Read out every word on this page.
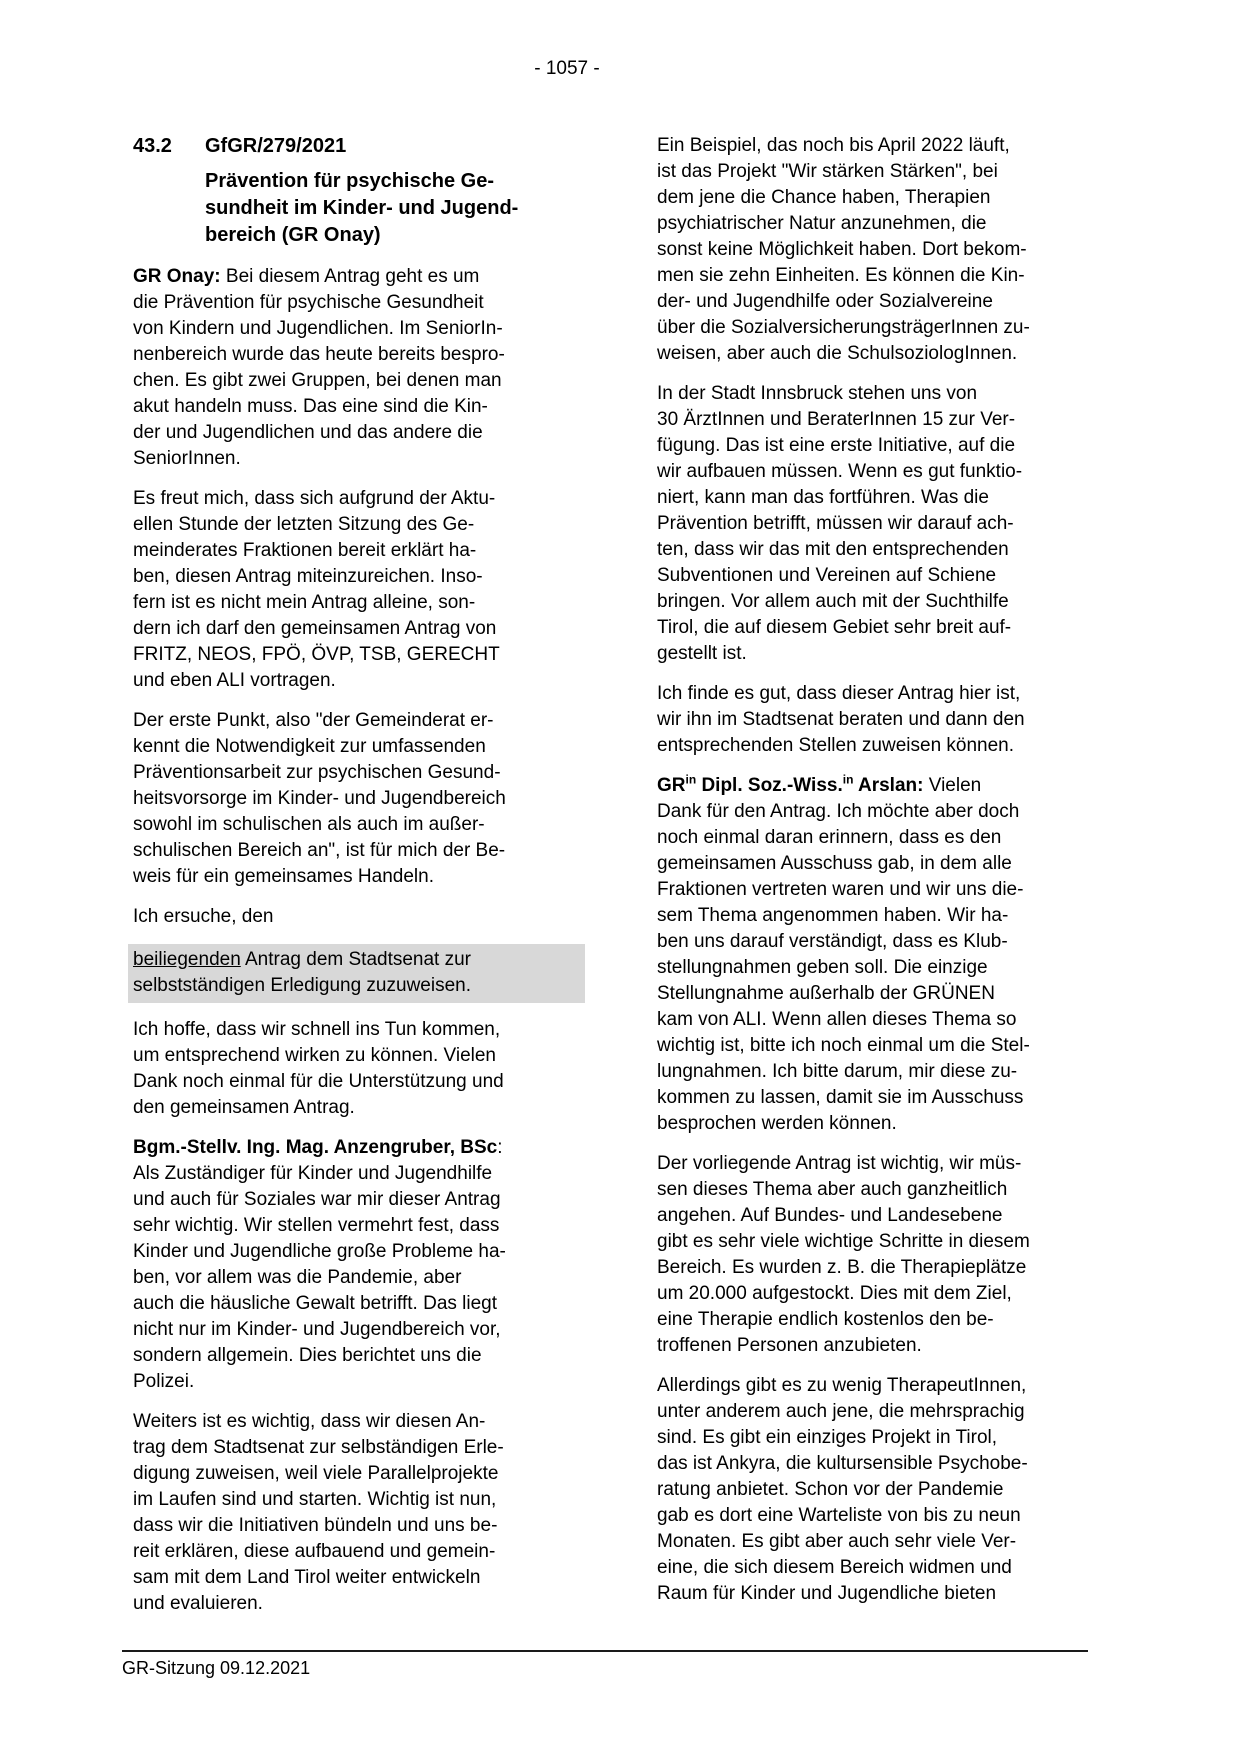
- 1057 -
43.2 GfGR/279/2021
Prävention für psychische Ge-
sundheit im Kinder- und Jugend-
bereich (GR Onay)

GR Onay: Bei diesem Antrag geht es um
die Prävention für psychische Gesundheit
von Kindern und Jugendlichen. Im SeniorIn-
nenbereich wurde das heute bereits bespro-
chen. Es gibt zwei Gruppen, bei denen man
akut handeln muss. Das eine sind die Kin-
der und Jugendlichen und das andere die
SeniorInnen.

Es freut mich, dass sich aufgrund der Aktu-
ellen Stunde der letzten Sitzung des Ge-
meinderates Fraktionen bereit erklärt ha-
ben, diesen Antrag miteinzureichen. Inso-
fern ist es nicht mein Antrag alleine, son-
dern ich darf den gemeinsamen Antrag von
FRITZ, NEOS, FPÖ, ÖVP, TSB, GERECHT
und eben ALI vortragen.

Der erste Punkt, also "der Gemeinderat er-
kennt die Notwendigkeit zur umfassenden
Präventionsarbeit zur psychischen Gesund-
heitsvorsorge im Kinder- und Jugendbereich
sowohl im schulischen als auch im außer-
schulischen Bereich an", ist für mich der Be-
weis für ein gemeinsames Handeln.

Ich ersuche, den

beiliegenden Antrag dem Stadtsenat zur
selbstständigen Erledigung zuzuweisen.

Ich hoffe, dass wir schnell ins Tun kommen,
um entsprechend wirken zu können. Vielen
Dank noch einmal für die Unterstützung und
den gemeinsamen Antrag.

Bgm.-Stellv. Ing. Mag. Anzengruber, BSc:
Als Zuständiger für Kinder und Jugendhilfe
und auch für Soziales war mir dieser Antrag
sehr wichtig. Wir stellen vermehrt fest, dass
Kinder und Jugendliche große Probleme ha-
ben, vor allem was die Pandemie, aber
auch die häusliche Gewalt betrifft. Das liegt
nicht nur im Kinder- und Jugendbereich vor,
sondern allgemein. Dies berichtet uns die
Polizei.

Weiters ist es wichtig, dass wir diesen An-
trag dem Stadtsenat zur selbständigen Erle-
digung zuweisen, weil viele Parallelprojekte
im Laufen sind und starten. Wichtig ist nun,
dass wir die Initiativen bündeln und uns be-
reit erklären, diese aufbauend und gemein-
sam mit dem Land Tirol weiter entwickeln
und evaluieren.

Ein Beispiel, das noch bis April 2022 läuft,
ist das Projekt "Wir stärken Stärken", bei
dem jene die Chance haben, Therapien
psychiatrischer Natur anzunehmen, die
sonst keine Möglichkeit haben. Dort bekom-
men sie zehn Einheiten. Es können die Kin-
der- und Jugendhilfe oder Sozialvereine
über die SozialversicherungsträgerInnen zu-
weisen, aber auch die SchulsoziologInnen.

In der Stadt Innsbruck stehen uns von
30 ÄrztInnen und BeraterInnen 15 zur Ver-
fügung. Das ist eine erste Initiative, auf die
wir aufbauen müssen. Wenn es gut funktio-
niert, kann man das fortführen. Was die
Prävention betrifft, müssen wir darauf ach-
ten, dass wir das mit den entsprechenden
Subventionen und Vereinen auf Schiene
bringen. Vor allem auch mit der Suchthilfe
Tirol, die auf diesem Gebiet sehr breit auf-
gestellt ist.

Ich finde es gut, dass dieser Antrag hier ist,
wir ihn im Stadtsenat beraten und dann den
entsprechenden Stellen zuweisen können.

$GR^{in}$ Dipl. Soz.-Wiss.$^{in}$ Arslan: Vielen
Dank für den Antrag. Ich möchte aber doch
noch einmal daran erinnern, dass es den
gemeinsamen Ausschuss gab, in dem alle
Fraktionen vertreten waren und wir uns die-
sem Thema angenommen haben. Wir ha-
ben uns darauf verständigt, dass es Klub-
stellungnahmen geben soll. Die einzige
Stellungnahme außerhalb der GRÜNEN
kam von ALI. Wenn allen dieses Thema so
wichtig ist, bitte ich noch einmal um die Stel-
lungnahmen. Ich bitte darum, mir diese zu-
kommen zu lassen, damit sie im Ausschuss
besprochen werden können.

Der vorliegende Antrag ist wichtig, wir müs-
sen dieses Thema aber auch ganzheitlich
angehen. Auf Bundes- und Landesebene
gibt es sehr viele wichtige Schritte in diesem
Bereich. Es wurden z. B. die Therapieplätze
um 20.000 aufgestockt. Dies mit dem Ziel,
eine Therapie endlich kostenlos den be-
troffenen Personen anzubieten.

Allerdings gibt es zu wenig TherapeutInnen,
unter anderem auch jene, die mehrsprachig
sind. Es gibt ein einziges Projekt in Tirol,
das ist Ankyra, die kultursensible Psychobe-
ratung anbietet. Schon vor der Pandemie
gab es dort eine Warteliste von bis zu neun
Monaten. Es gibt aber auch sehr viele Ver-
eine, die sich diesem Bereich widmen und
Raum für Kinder und Jugendliche bieten

GR-Sitzung 09.12.2021
